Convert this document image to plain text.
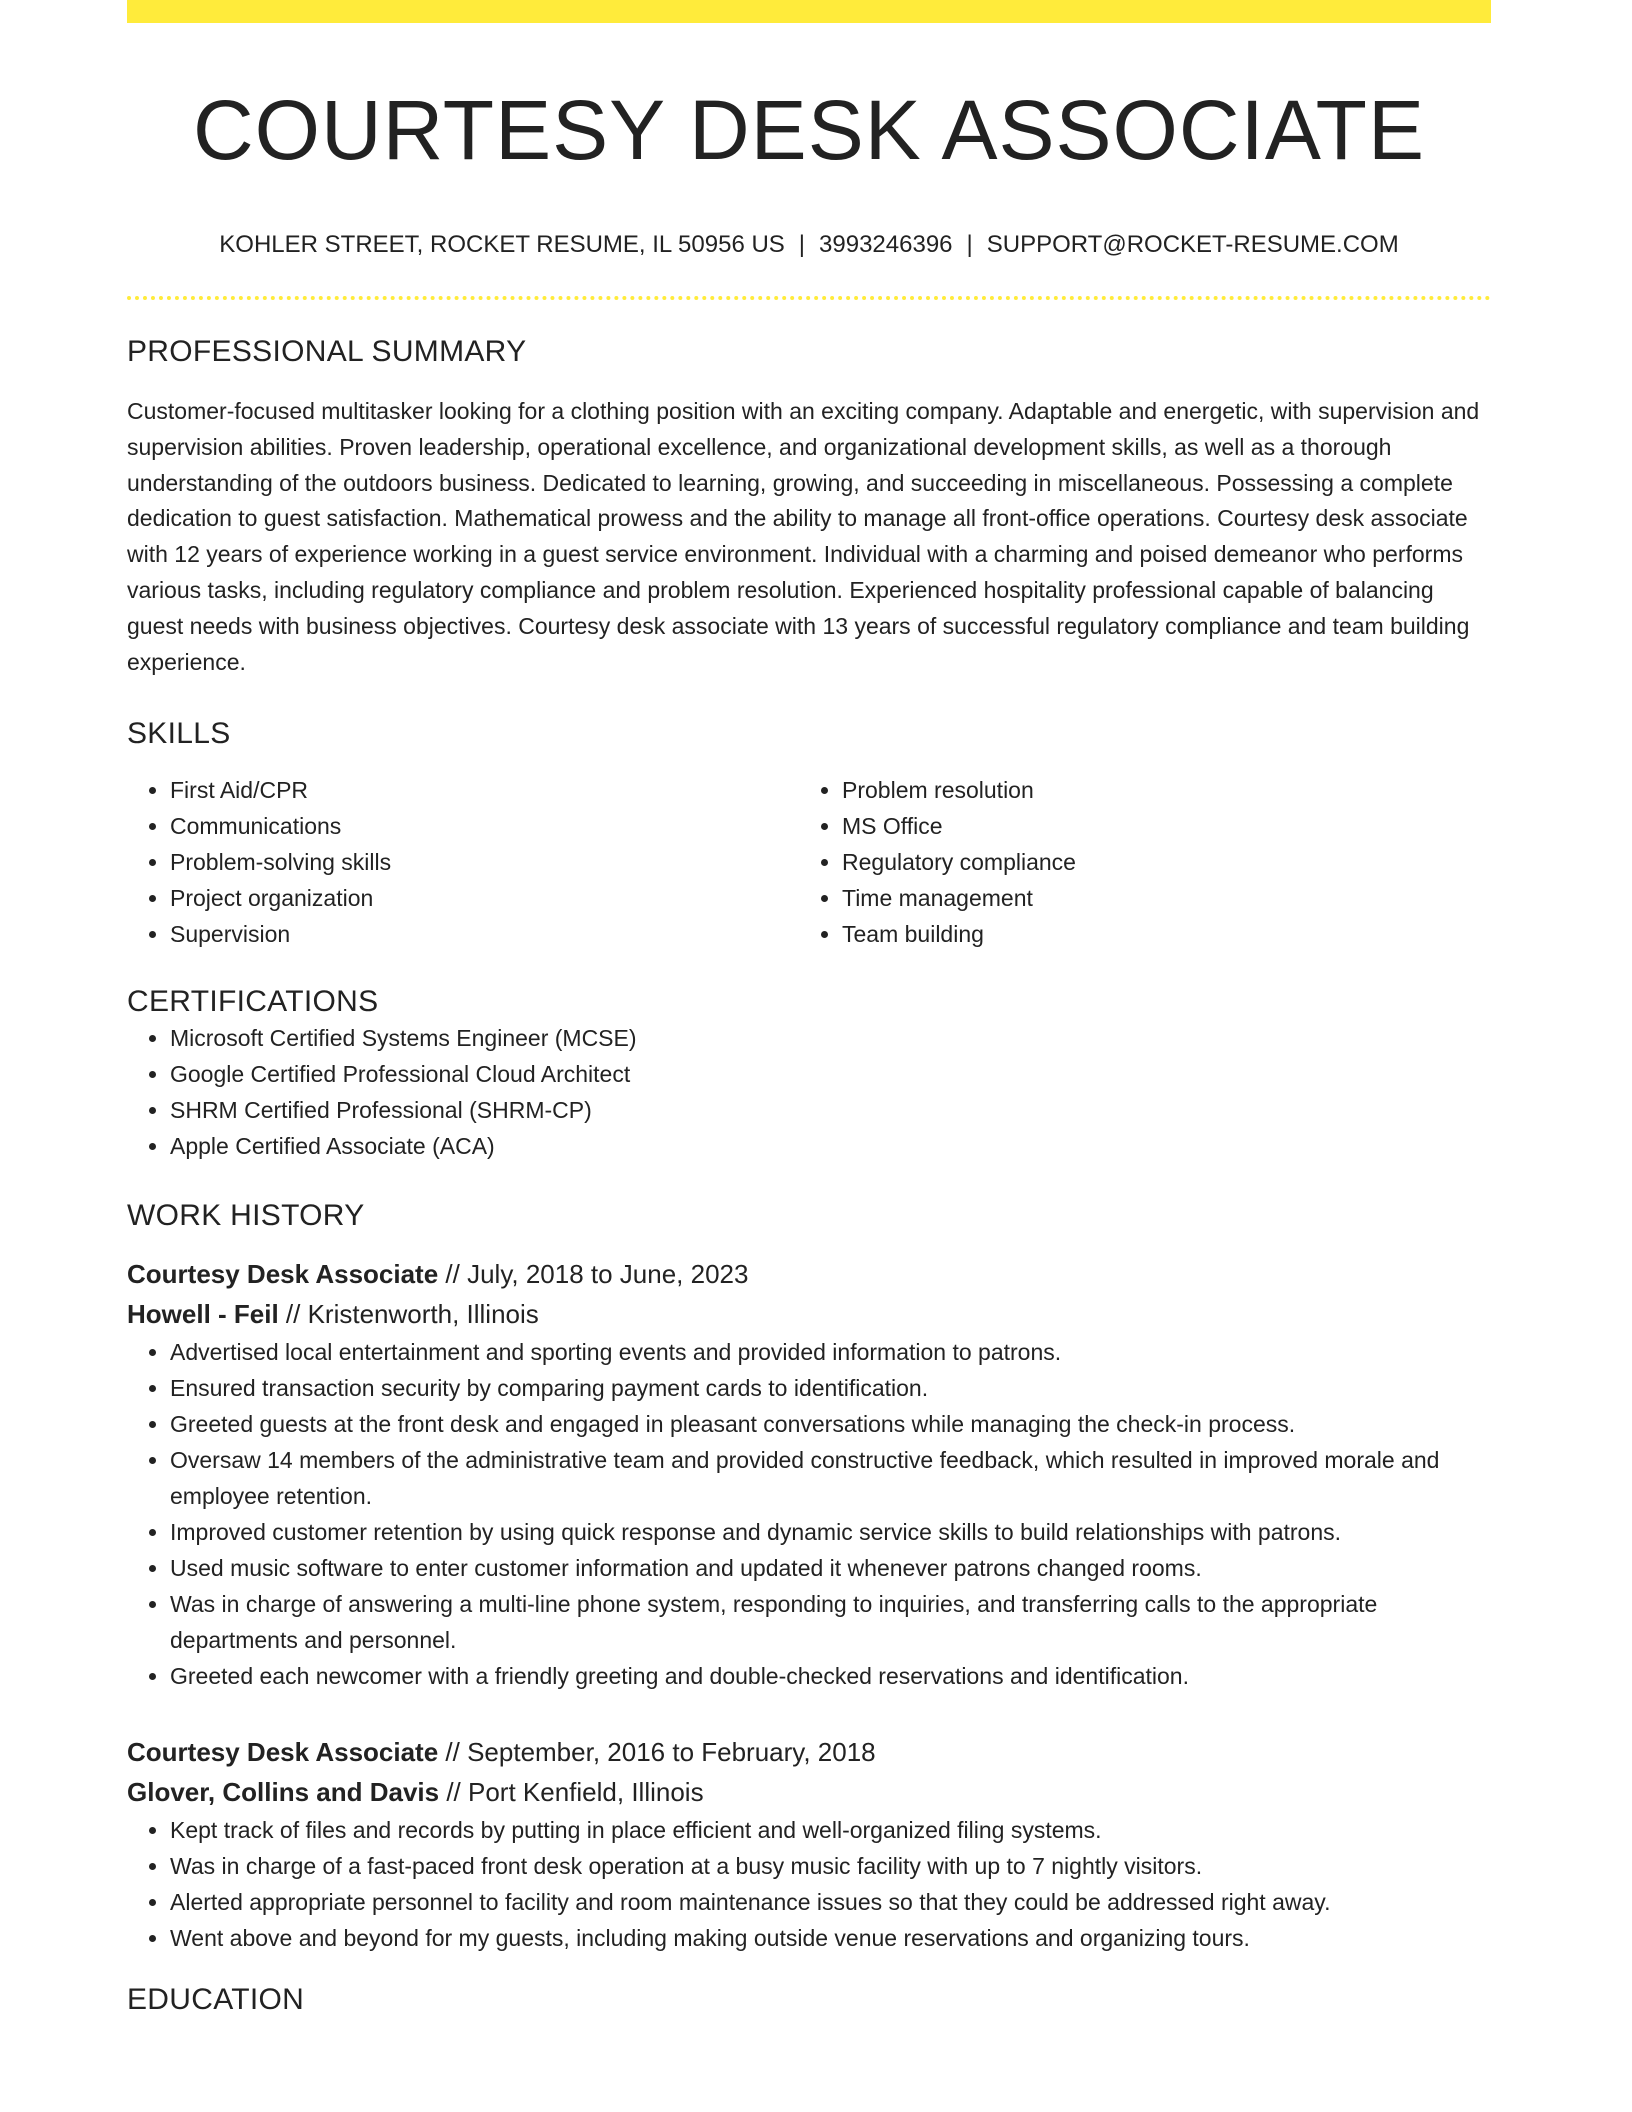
COURTESY DESK ASSOCIATE
KOHLER STREET, ROCKET RESUME, IL 50956 US | 3993246396 | SUPPORT@ROCKET-RESUME.COM
PROFESSIONAL SUMMARY

Customer-focused multitasker looking for a clothing position with an exciting company. Adaptable and energetic, with supervision and supervision abilities. Proven leadership, operational excellence, and organizational development skills, as well as a thorough understanding of the outdoors business. Dedicated to learning, growing, and succeeding in miscellaneous. Possessing a complete dedication to guest satisfaction. Mathematical prowess and the ability to manage all front-office operations. Courtesy desk associate with 12 years of experience working in a guest service environment. Individual with a charming and poised demeanor who performs various tasks, including regulatory compliance and problem resolution. Experienced hospitality professional capable of balancing guest needs with business objectives. Courtesy desk associate with 13 years of successful regulatory compliance and team building experience.

SKILLS
• First Aid/CPR
• Communications
• Problem-solving skills
• Project organization
• Supervision
• Problem resolution
• MS Office
• Regulatory compliance
• Time management
• Team building
CERTIFICATIONS
• Microsoft Certified Systems Engineer (MCSE)
• Google Certified Professional Cloud Architect
• SHRM Certified Professional (SHRM-CP)
• Apple Certified Associate (ACA)
WORK HISTORY
Courtesy Desk Associate // July, 2018 to June, 2023
Howell - Feil // Kristenworth, Illinois
• Advertised local entertainment and sporting events and provided information to patrons.
• Ensured transaction security by comparing payment cards to identification.
• Greeted guests at the front desk and engaged in pleasant conversations while managing the check-in process.
• Oversaw 14 members of the administrative team and provided constructive feedback, which resulted in improved morale and employee retention.
• Improved customer retention by using quick response and dynamic service skills to build relationships with patrons.
• Used music software to enter customer information and updated it whenever patrons changed rooms.
• Was in charge of answering a multi-line phone system, responding to inquiries, and transferring calls to the appropriate departments and personnel.
• Greeted each newcomer with a friendly greeting and double-checked reservations and identification.
Courtesy Desk Associate // September, 2016 to February, 2018
Glover, Collins and Davis // Port Kenfield, Illinois
• Kept track of files and records by putting in place efficient and well-organized filing systems.
• Was in charge of a fast-paced front desk operation at a busy music facility with up to 7 nightly visitors.
• Alerted appropriate personnel to facility and room maintenance issues so that they could be addressed right away.
• Went above and beyond for my guests, including making outside venue reservations and organizing tours.
EDUCATION
